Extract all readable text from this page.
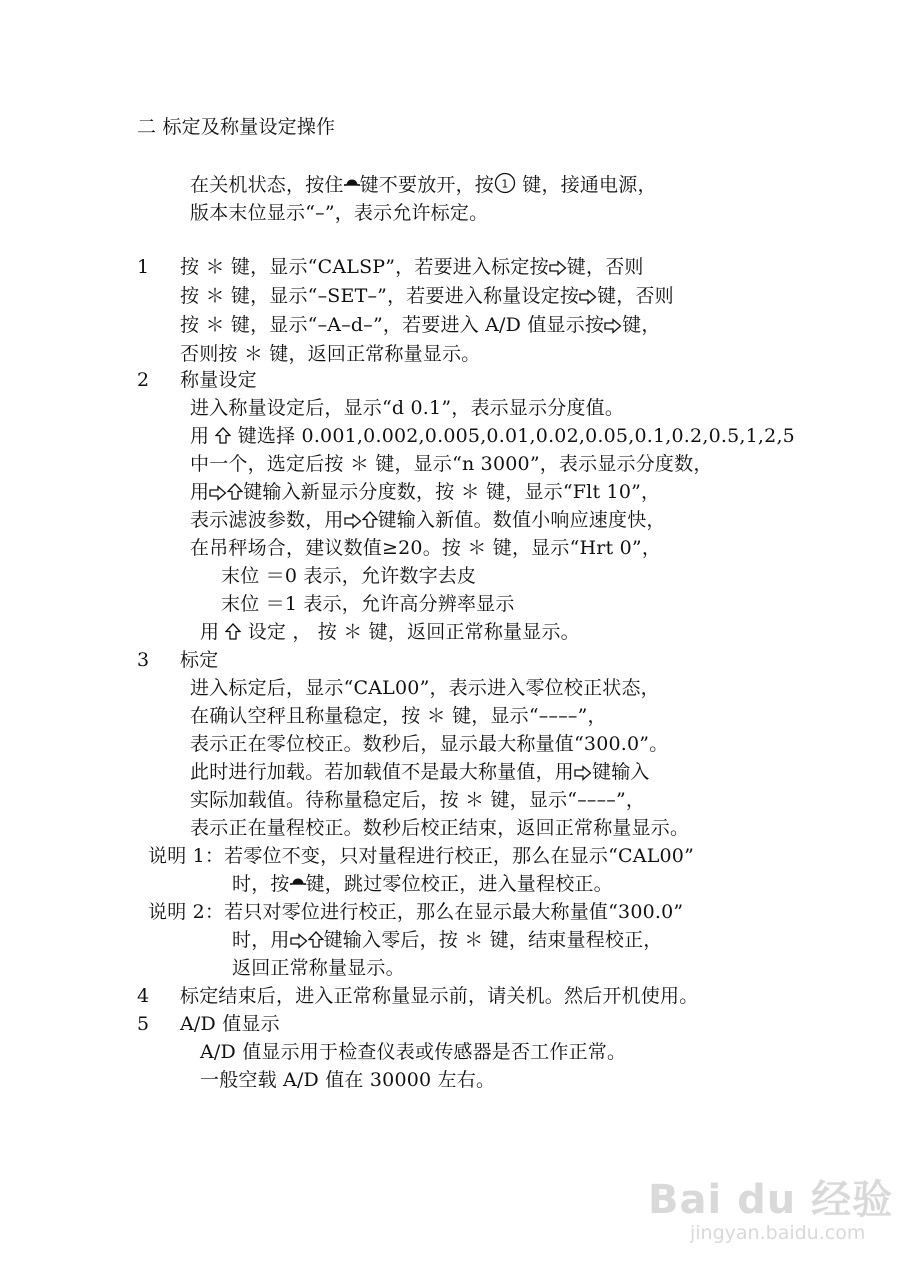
二 标定及称量设定操作
在关机状态，按住 键不要放开，按 1 键，接通电源，
版本末位显示“–”，表示允许标定。
1 按 ＊ 键，显示“CALSP”，若要进入标定按 键，否则
按 ＊ 键，显示“–SET–”，若要进入称量设定按 键，否则
按 ＊ 键，显示“–A–d–”，若要进入 A/D 值显示按 键，
否则按 ＊ 键，返回正常称量显示。
2 称量设定
进入称量设定后，显示“d 0.1”，表示显示分度值。
用  键选择 0.001,0.002,0.005,0.01,0.02,0.05,0.1,0.2,0.5,1,2,5
中一个，选定后按 ＊ 键，显示“n 3000”，表示显示分度数，
用 键输入新显示分度数，按 ＊ 键，显示“Flt 10”，
表示滤波参数，用 键输入新值。数值小响应速度快，
在吊秤场合，建议数值≥20。按 ＊ 键，显示“Hrt 0”，
末位 ＝0 表示，允许数字去皮
末位 ＝1 表示，允许高分辨率显示
用  设定 ， 按 ＊ 键，返回正常称量显示。
3 标定
进入标定后，显示“CAL00”，表示进入零位校正状态，
在确认空秤且称量稳定，按 ＊ 键，显示“––––”，
表示正在零位校正。数秒后，显示最大称量值“300.0”。
此时进行加载。若加载值不是最大称量值，用 键输入
实际加载值。待称量稳定后，按 ＊ 键，显示“––––”，
表示正在量程校正。数秒后校正结束，返回正常称量显示。
说明 1：若零位不变，只对量程进行校正，那么在显示“CAL00”
时，按 键，跳过零位校正，进入量程校正。
说明 2：若只对零位进行校正，那么在显示最大称量值“300.0”
时，用 键输入零后，按 ＊ 键，结束量程校正，
返回正常称量显示。
4 标定结束后，进入正常称量显示前，请关机。然后开机使用。
5 A/D 值显示
A/D 值显示用于检查仪表或传感器是否工作正常。
一般空载 A/D 值在 30000 左右。
Bai du 经验
jingyan.baidu.com
